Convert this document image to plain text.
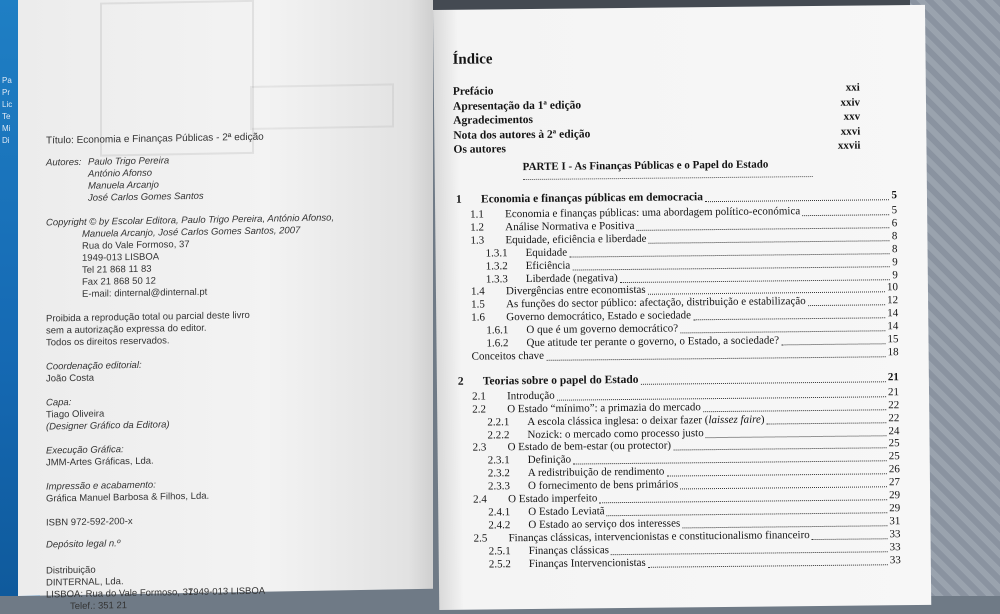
Pa
Pr
Lic
Te
Mi
Di	Título: Economia e Finanças Públicas - 2ª edição
Autores: Paulo Trigo Pereira
António Afonso
Manuela Arcanjo
José Carlos Gomes Santos
Copyright © by Escolar Editora, Paulo Trigo Pereira, António Afonso,
Manuela Arcanjo, José Carlos Gomes Santos, 2007
Rua do Vale Formoso, 37
1949-013 LISBOA
Tel 21 868 11 83
Fax 21 868 50 12
E-mail: dinternal@dinternal.pt
Proibida a reprodução total ou parcial deste livro
sem a autorização expressa do editor.
Todos os direitos reservados.
Coordenação editorial:
João Costa
Capa:
Tiago Oliveira
(Designer Gráfico da Editora)
Execução Gráfica:
JMM-Artes Gráficas, Lda.
Impressão e acabamento:
Gráfica Manuel Barbosa & Filhos, Lda.
ISBN 972-592-200-x
Depósito legal n.º
Distribuição
DINTERNAL, Lda.
LISBOA: Rua do Vale Formoso, 37
1949-013 LISBOA
Telef.: 351 21
Índice
Prefácio	xxi
Apresentação da 1ª edição	xxiv
Agradecimentos	xxv
Nota dos autores à 2ª edição	xxvi
Os autores	xxvii
PARTE I - As Finanças Públicas e o Papel do Estado
1 Economia e finanças públicas em democracia	5
1.1 Economia e finanças públicas: uma abordagem político-económica	5
1.2 Análise Normativa e Positiva	6
1.3 Equidade, eficiência e liberdade	8
1.3.1 Equidade	8
1.3.2 Eficiência	9
1.3.3 Liberdade (negativa)	9
1.4 Divergências entre economistas	10
1.5 As funções do sector público: afectação, distribuição e estabilização	12
1.6 Governo democrático, Estado e sociedade	14
1.6.1 O que é um governo democrático?	14
1.6.2 Que atitude ter perante o governo, o Estado, a sociedade?	15
Conceitos chave	18
2 Teorias sobre o papel do Estado	21
2.1 Introdução	21
2.2 O Estado “mínimo”: a primazia do mercado	22
2.2.1 A escola clássica inglesa: o deixar fazer (laissez faire)	22
2.2.2 Nozick: o mercado como processo justo	24
2.3 O Estado de bem-estar (ou protector)	25
2.3.1 Definição	25
2.3.2 A redistribuição de rendimento	26
2.3.3 O fornecimento de bens primários	27
2.4 O Estado imperfeito	29
2.4.1 O Estado Leviatã	29
2.4.2 O Estado ao serviço dos interesses	31
2.5 Finanças clássicas, intervencionistas e constitucionalismo financeiro	33
2.5.1 Finanças clássicas	33
2.5.2 Finanças Intervencionistas	33
